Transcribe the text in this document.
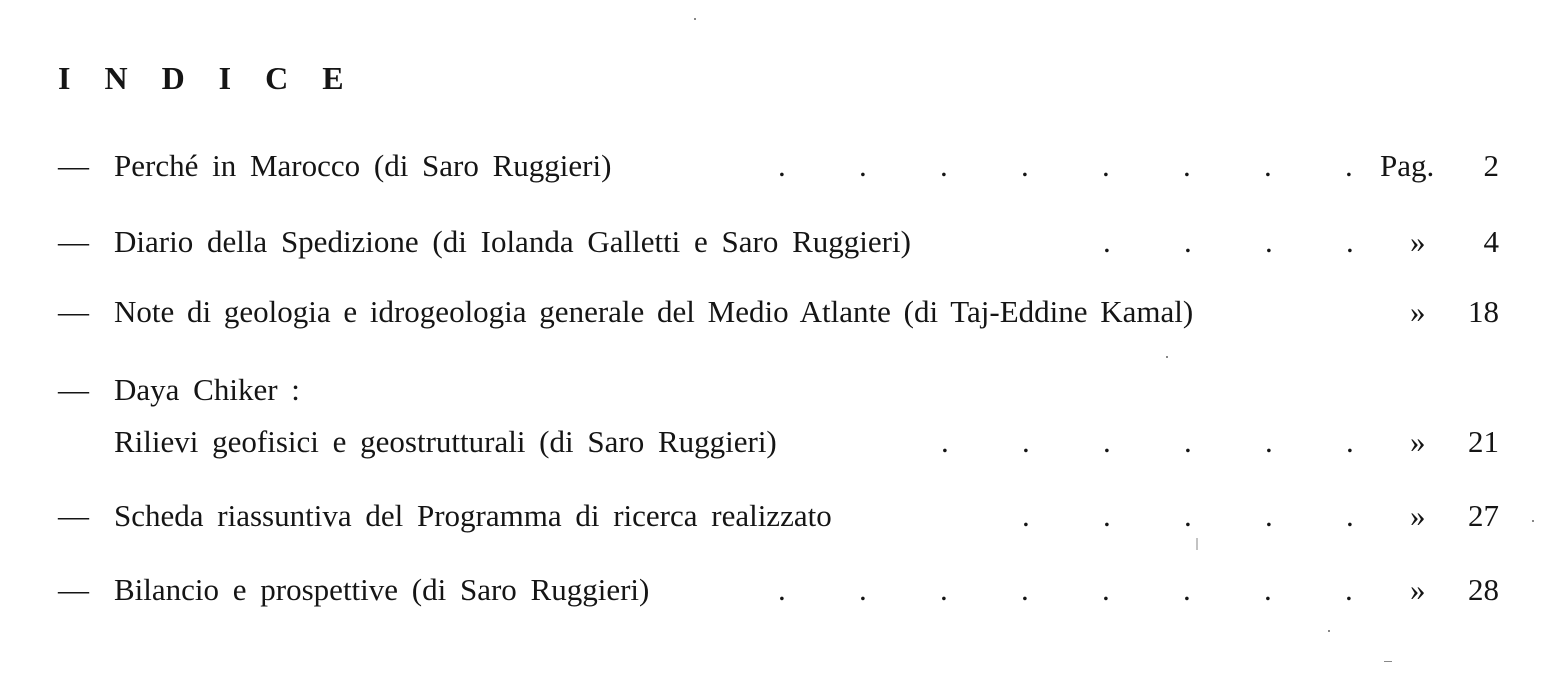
I N D I C E
— Perché in Marocco (di Saro Ruggieri)	. . . . . . . . Pag. 2
— Diario della Spedizione (di Iolanda Galletti e Saro Ruggieri)	. . . . » 4
— Note di geologia e idrogeologia generale del Medio Atlante (di Taj-Eddine Kamal)	» 18
— Daya Chiker :
Rilievi geofisici e geostrutturali (di Saro Ruggieri)	. . . . . . » 21
— Scheda riassuntiva del Programma di ricerca realizzato	. . . . . » 27
— Bilancio e prospettive (di Saro Ruggieri)	. . . . . . . . » 28
